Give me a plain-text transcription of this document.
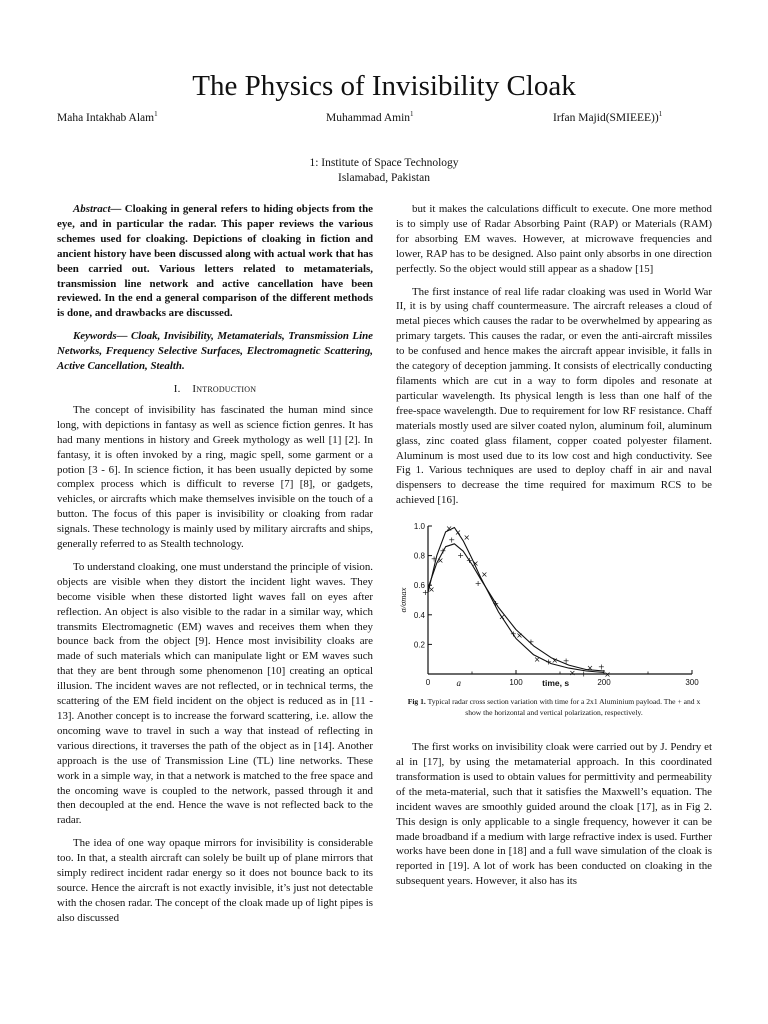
The Physics of Invisibility Cloak
Maha Intakhab Alam$^1$	Muhammad Amin$^1$	Irfan Majid(SMIEEE))$^1$
1: Institute of Space Technology
Islamabad, Pakistan

Abstract— Cloaking in general refers to hiding objects from the eye, and in particular the radar. This paper reviews the various schemes used for cloaking. Depictions of cloaking in fiction and ancient history have been discussed along with actual work that has been carried out. Various letters related to metamaterials, transmission line network and active cancellation have been reviewed. In the end a general comparison of the different methods is done, and drawbacks are discussed.

Keywords— Cloak, Invisibility, Metamaterials, Transmission Line Networks, Frequency Selective Surfaces, Electromagnetic Scattering, Active Cancellation, Stealth.

I. Introduction

The concept of invisibility has fascinated the human mind since long, with depictions in fantasy as well as science fiction genres. It has had many mentions in history and Greek mythology as well [1] [2]. In fantasy, it is often invoked by a ring, magic spell, some garment or a potion [3 - 6]. In science fiction, it has been usually depicted by some complex process which is difficult to reverse [7] [8], or gadgets, vehicles, or aircrafts which make themselves invisible on the touch of a button. The focus of this paper is invisibility or cloaking from radar signals. These technology is mainly used by military aircrafts and ships, generally referred to as Stealth technology.

To understand cloaking, one must understand the principle of vision. objects are visible when they distort the incident light waves. They become visible when these distorted light waves fall on eyes after reflection. An object is also visible to the radar in a similar way, which transmits Electromagnetic (EM) waves and receives them when they bounce back from the object [9]. Hence most invisibility cloaks are made of such materials which can manipulate light or EM waves such that they are bent through some phenomenon [10] creating an optical illusion. The incident waves are not reflected, or in technical terms, the scattering of the EM field incident on the object is reduced as in [11 - 13]. Another concept is to increase the forward scattering, i.e. allow the oncoming wave to travel in such a way that instead of reflecting in various directions, it traverses the path of the object as in [14]. Another approach is the use of Transmission Line (TL) line networks. These work in a simple way, in that a network is matched to the free space and the oncoming wave is coupled to the network, passed through it and then decoupled at the end. Hence the wave is not reflected back to the radar.

The idea of one way opaque mirrors for invisibility is considerable too. In that, a stealth aircraft can solely be built up of plane mirrors that simply redirect incident radar energy so it does not bounce back to its source. Hence the aircraft is not exactly invisible, it’s just not detectable with the chosen radar. The concept of the cloak made up of light pipes is also discussed

but it makes the calculations difficult to execute. One more method is to simply use of Radar Absorbing Paint (RAP) or Materials (RAM) for absorbing EM waves. However, at microwave frequencies and lower, RAP has to be designed. Also paint only absorbs in one direction perfectly. So the object would still appear as a shadow [15]

The first instance of real life radar cloaking was used in World War II, it is by using chaff countermeasure. The aircraft releases a cloud of metal pieces which causes the radar to be overwhelmed by appearing as primary targets. This causes the radar, or even the anti-aircraft missiles to be confused and hence makes the aircraft appear invisible, it falls in the category of deception jamming. It consists of electrically conducting filaments which are cut in a way to form dipoles and resonate at particular wavelength. Its physical length is less than one half of the free-space wavelength. Due to requirement for low RF resistance. Chaff materials mostly used are silver coated nylon, aluminum foil, aluminum glass, zinc coated glass filament, copper coated polyester filament. Aluminum is most used due to its low cost and high conductivity. See Fig 1. Various techniques are used to deploy chaff in air and naval dispensers to decrease the time required for maximum RCS to be achieved [16].

100	200	300
0
0.2
0.4
0.6
0.8
1.0
time, s
σ/σmax
a
+
+
+
+
+
+
+
+
+
+
+ +
+
+
×
×
× ×
×
×
×
×
×
× ×
×
×
×
Fig 1. Typical radar cross section variation with time for a 2x1 Aluminium payload. The + and x show the horizontal and vertical polarization, respectively.

The first works on invisibility cloak were carried out by J. Pendry et al in [17], by using the metamaterial approach. In this coordinated transformation is used to obtain values for permittivity and permeability of the meta-material, such that it satisfies the Maxwell’s equation. The incident waves are smoothly guided around the cloak [17], as in Fig 2. This design is only applicable to a single frequency, however it can be made broadband if a medium with large refractive index is used. Further works have been done in [18] and a full wave simulation of the cloak is reported in [19]. A lot of work has been conducted on cloaking in the subsequent years. However, it also has its
